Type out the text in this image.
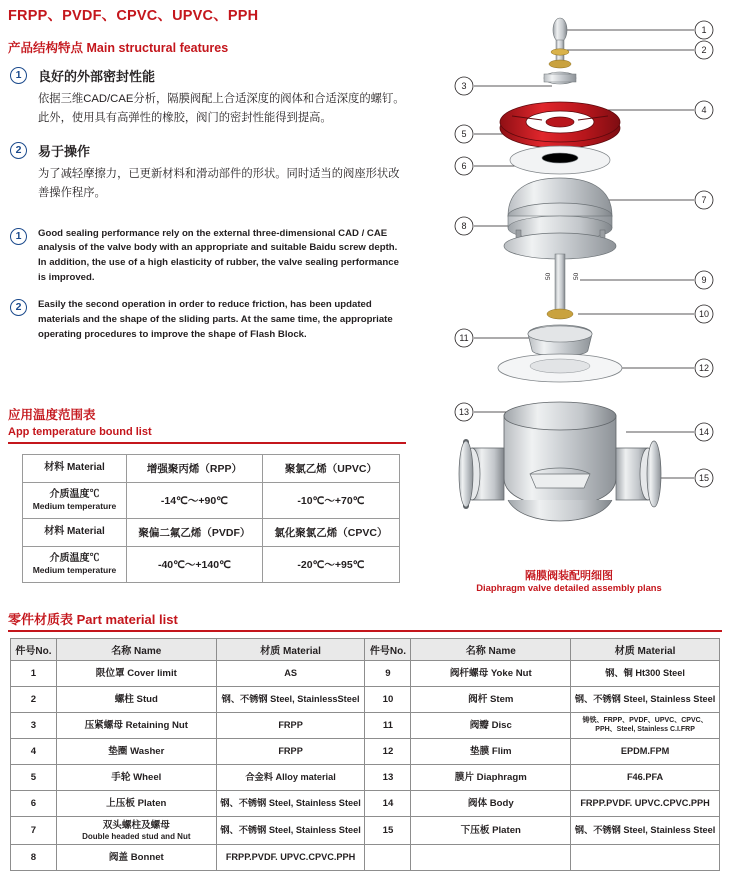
FRPP、PVDF、CPVC、UPVC、PPH
产品结构特点 Main structural features
1	良好的外部密封性能
依据三维CAD/CAE分析，隔膜阀配上合适深度的阀体和合适深度的螺钉。此外，使用具有高弹性的橡胶，阀门的密封性能得到提高。
2	易于操作
为了减轻摩擦力，已更新材料和滑动部件的形状。同时适当的阀座形状改善操作程序。
1	Good sealing performance rely on the external three-dimensional CAD / CAE analysis of the valve body with an appropriate and suitable Baidu screw depth. In addition, the use of a high elasticity of rubber, the valve sealing performance is improved.
2	Easily the second operation in order to reduce friction, has been updated materials and the shape of the sliding parts. At the same time, the appropriate operating procedures to improve the shape of Flash Block.
应用温度范围表
App temperature bound list
材料 Material	增强聚丙烯（RPP）	聚氯乙烯（UPVC）

介质温度℃
Medium temperature	-14℃～+90℃	-10℃～+70℃
材料 Material	聚偏二氟乙烯（PVDF）	氯化聚氯乙烯（CPVC）

介质温度℃
Medium temperature	-40℃～+140℃	-20℃～+95℃
1
2
3
4
5
6
7
8
9
10
11
12
13
14
15
50	50
隔膜阀装配明细图
Diaphragm valve detailed assembly plans
零件材质表 Part material list
件号No.	名称 Name	材质 Material	件号No.	名称 Name	材质 Material
1	限位罩 Cover limit	AS	9	阀杆螺母 Yoke Nut	钢、铜 Ht300 Steel
2	螺柱 Stud	钢、不锈钢 Steel, StainlessSteel	10	阀杆 Stem	钢、不锈钢 Steel, Stainless Steel
3	压紧螺母 Retaining Nut	FRPP	11	阀瓣 Disc	铸铁、FRPP、PVDF、UPVC、CPVC、PPH、Steel, Stainless C.I.FRP
4	垫圈 Washer	FRPP	12	垫膜 Flim	EPDM.FPM
5	手轮 Wheel	合金料 Alloy material	13	膜片 Diaphragm	F46.PFA
6	上压板 Platen	钢、不锈钢 Steel, Stainless Steel	14	阀体 Body	FRPP.PVDF. UPVC.CPVC.PPH
7	双头螺柱及螺母
Double headed stud and Nut	钢、不锈钢 Steel, Stainless Steel	15	下压板 Platen	钢、不锈钢 Steel, Stainless Steel
8	阀盖 Bonnet	FRPP.PVDF. UPVC.CPVC.PPH			
